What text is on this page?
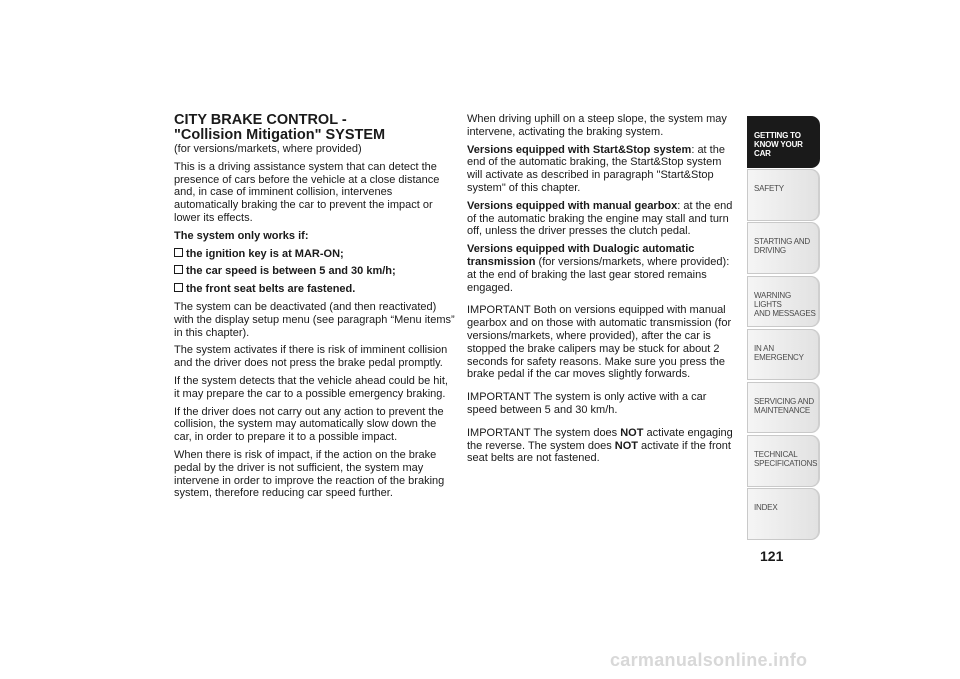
CITY BRAKE CONTROL -
"Collision Mitigation" SYSTEM

(for versions/markets, where provided)

This is a driving assistance system that can detect the presence of cars before the vehicle at a close distance and, in case of imminent collision, intervenes automatically braking the car to prevent the impact or lower its effects.

The system only works if:

the ignition key is at MAR-ON;
the car speed is between 5 and 30 km/h;
the front seat belts are fastened.

The system can be deactivated (and then reactivated) with the display setup menu (see paragraph “Menu items” in this chapter).

The system activates if there is risk of imminent collision and the driver does not press the brake pedal promptly.

If the system detects that the vehicle ahead could be hit, it may prepare the car to a possible emergency braking.

If the driver does not carry out any action to prevent the collision, the system may automatically slow down the car, in order to prepare it to a possible impact.

When there is risk of impact, if the action on the brake pedal by the driver is not sufficient, the system may intervene in order to improve the reaction of the braking system, therefore reducing car speed further.

When driving uphill on a steep slope, the system may intervene, activating the braking system.

Versions equipped with Start&Stop system: at the end of the automatic braking, the Start&Stop system will activate as described in paragraph "Start&Stop system" of this chapter.

Versions equipped with manual gearbox: at the end of the automatic braking the engine may stall and turn off, unless the driver presses the clutch pedal.

Versions equipped with Dualogic automatic transmission (for versions/markets, where provided): at the end of braking the last gear stored remains engaged.

IMPORTANT Both on versions equipped with manual gearbox and on those with automatic transmission (for versions/markets, where provided), after the car is stopped the brake calipers may be stuck for about 2 seconds for safety reasons. Make sure you press the brake pedal if the car moves slightly forwards.

IMPORTANT The system is only active with a car speed between 5 and 30 km/h.

IMPORTANT The system does NOT activate engaging the reverse. The system does NOT activate if the front seat belts are not fastened.

GETTING TO
KNOW YOUR CAR
SAFETY
STARTING AND
DRIVING
WARNING LIGHTS
AND MESSAGES
IN AN EMERGENCY
SERVICING AND
MAINTENANCE
TECHNICAL
SPECIFICATIONS
INDEX
121
carmanualsonline.info
